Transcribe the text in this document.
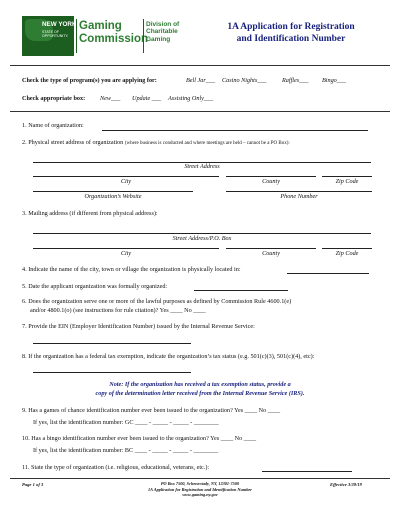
NEW YORK
STATE OF
OPPORTUNITY.
Gaming
Commission
Division of
Charitable
Gaming
1A Application for Registration
and Identification Number
Check the type of program(s) you are applying for:	Bell Jar___ Casino Nights___ Raffles___ Bingo___
Check appropriate box: New___ Update ___ Assisting Only___
1. Name of organization:
2. Physical street address of organization (where business is conducted and where meetings are held – cannot be a PO Box):
Street Address
City	County	Zip Code
Organization’s Website	Phone Number
3. Mailing address (if different from physical address):
Street Address/P.O. Box
City	County	Zip Code
4. Indicate the name of the city, town or village the organization is physically located in:
5. Date the applicant organization was formally organized:
6. Does the organization serve one or more of the lawful purposes as defined by Commission Rule 4600.1(e)
and/or 4800.1(o) (see instructions for rule citation)? Yes ____ No ____
7. Provide the EIN (Employer Identification Number) issued by the Internal Revenue Service:
8. If the organization has a federal tax exemption, indicate the organization’s tax status (e.g. 501(c)(3), 501(c)(4), etc):
Note: If the organization has received a tax exemption status, provide a
copy of the determination letter received from the Internal Revenue Service (IRS).
9. Has a games of chance identification number ever been issued to the organization? Yes ____ No ____
If yes, list the identification number: GC ____ - _____ - _____ - ________
10. Has a bingo identification number ever been issued to the organization? Yes ____ No ____
If yes, list the identification number: BC ____ - _____ - _____ - ________
11. State the type of organization (i.e. religious, educational, veterans, etc.):
Page 1 of 3	PO Box 7500, Schenectady, NY, 12301-7500
1A Application for Registration and Identification Number
www.gaming.ny.gov
Effective 3/28/19
